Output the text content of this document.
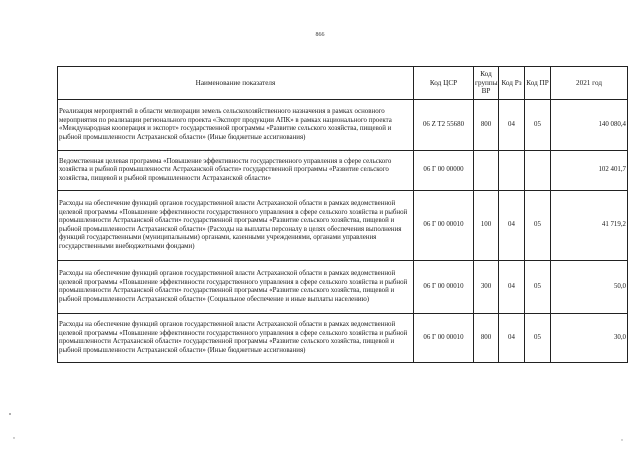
866
Наименование показателя	Код ЦСР	Код группы ВР	Код Рз	Код ПР	2021 год
Реализация мероприятий в области мелиорации земель сельскохозяйственного назначения в рамках основного мероприятия по реализации регионального проекта «Экспорт продукции АПК» в рамках национального проекта «Международная кооперация и экспорт» государственной программы «Развитие сельского хозяйства, пищевой и рыбной промышленности Астраханской области» (Иные бюджетные ассигнования)	06 Z T2 55680	800	04	05	140 080,4
Ведомственная целевая программа «Повышение эффективности государственного управления в сфере сельского хозяйства и рыбной промышленности Астраханской области» государственной программы «Развитие сельского хозяйства, пищевой и рыбной промышленности Астраханской области»	06 Г 00 00000				102 401,7
Расходы на обеспечение функций органов государственной власти Астраханской области в рамках ведомственной целевой программы «Повышение эффективности государственного управления в сфере сельского хозяйства и рыбной промышленности Астраханской области» государственной программы «Развитие сельского хозяйства, пищевой и рыбной промышленности Астраханской области» (Расходы на выплаты персоналу в целях обеспечения выполнения функций государственными (муниципальными) органами, казенными учреждениями, органами управления государственными внебюджетными фондами)	06 Г 00 00010	100	04	05	41 719,2
Расходы на обеспечение функций органов государственной власти Астраханской области в рамках ведомственной целевой программы «Повышение эффективности государственного управления в сфере сельского хозяйства и рыбной промышленности Астраханской области» государственной программы «Развитие сельского хозяйства, пищевой и рыбной промышленности Астраханской области» (Социальное обеспечение и иные выплаты населению)	06 Г 00 00010	300	04	05	50,0
Расходы на обеспечение функций органов государственной власти Астраханской области в рамках ведомственной целевой программы «Повышение эффективности государственного управления в сфере сельского хозяйства и рыбной промышленности Астраханской области» государственной программы «Развитие сельского хозяйства, пищевой и рыбной промышленности Астраханской области» (Иные бюджетные ассигнования)	06 Г 00 00010	800	04	05	30,0
